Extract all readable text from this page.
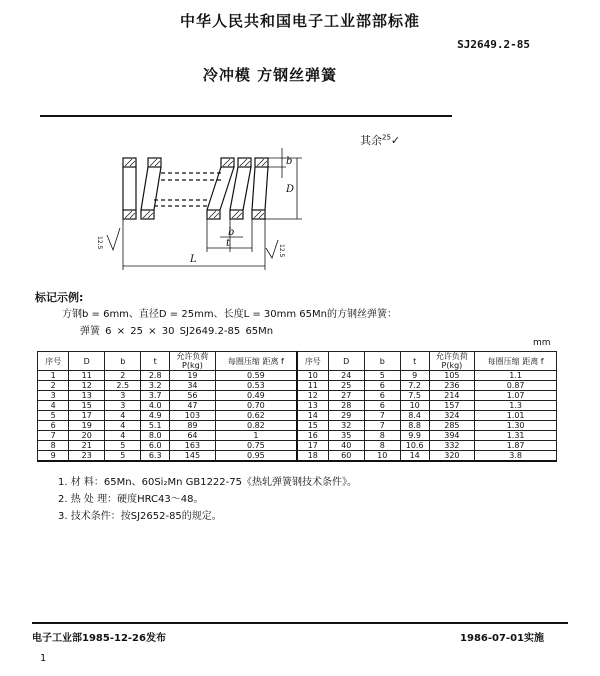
中华人民共和国电子工业部部标准
SJ2649.2-85
冷冲模 方钢丝弹簧
其余$^{25}$✓
b
D
b
t
L
12.5
12.5
标记示例:
方钢b = 6mm、直径D = 25mm、长度L = 30mm 65Mn的方钢丝弹簧：
弹簧 6 × 25 × 30 SJ2649.2-85 65Mn
mm
序号	D	b	t	允许负荷 P(kg)	每圈压缩 距离 f	序号	D	b	t	允许负荷 P(kg)	每圈压缩 距离 f
1	11	2	2.8	19	0.59	10	24	5	9	105	1.1
2	12	2.5	3.2	34	0.53	11	25	6	7.2	236	0.87
3	13	3	3.7	56	0.49	12	27	6	7.5	214	1.07
4	15	3	4.0	47	0.70	13	28	6	10	157	1.3
5	17	4	4.9	103	0.62	14	29	7	8.4	324	1.01
6	19	4	5.1	89	0.82	15	32	7	8.8	285	1.30
7	20	4	8.0	64	1	16	35	8	9.9	394	1.31
8	21	5	6.0	163	0.75	17	40	8	10.6	332	1.87
9	23	5	6.3	145	0.95	18	60	10	14	320	3.8
1. 材 料：65Mn、60Si₂Mn GB1222-75《热轧弹簧钢技术条件》。
2. 热 处 理：硬度HRC43～48。
3. 技术条件：按SJ2652-85的规定。
电子工业部1985-12-26发布	1986-07-01实施
1
